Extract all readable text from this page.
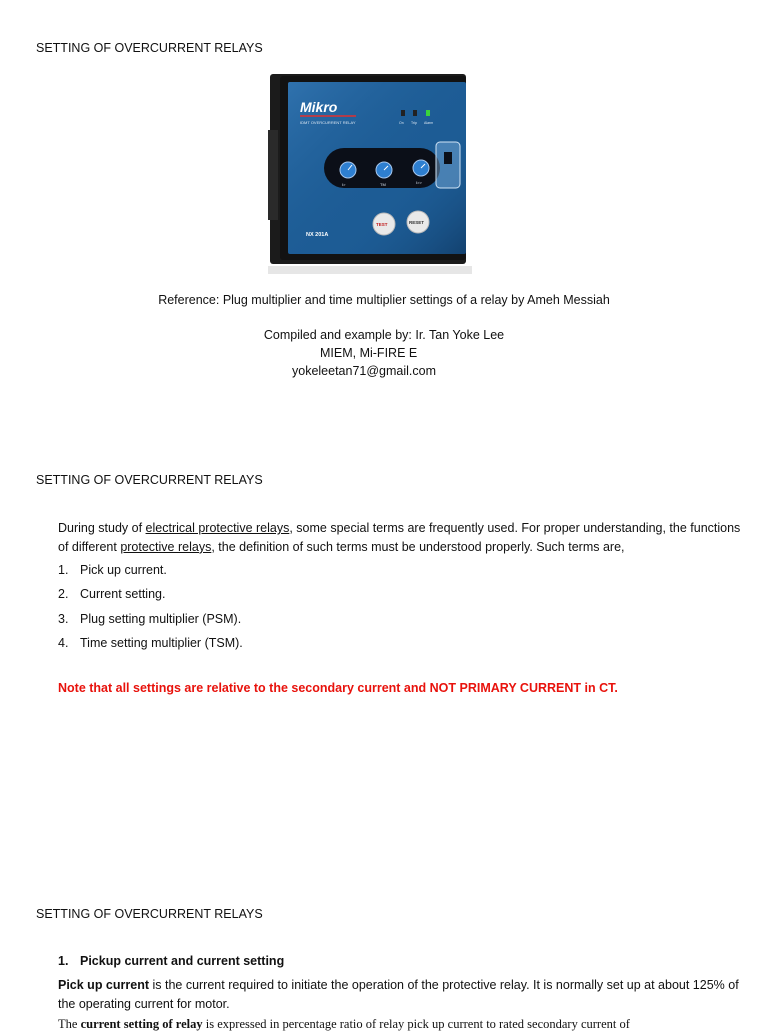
SETTING OF OVERCURRENT RELAYS
Mikro
IDMT OVERCURRENT RELAY	On Trip Alarm
I>	TM	I>>
TEST	RESET
NX 201A
Reference: Plug multiplier and time multiplier settings of a relay by Ameh Messiah
Compiled and example by: Ir. Tan Yoke Lee
MIEM, Mi-FIRE E
yokeleetan71@gmail.com
SETTING OF OVERCURRENT RELAYS
During study of electrical protective relays, some special terms are frequently used. For proper understanding, the functions of different protective relays, the definition of such terms must be understood properly. Such terms are,
1. Pick up current.
2. Current setting.
3. Plug setting multiplier (PSM).
4. Time setting multiplier (TSM).
Note that all settings are relative to the secondary current and NOT PRIMARY CURRENT in CT.
SETTING OF OVERCURRENT RELAYS
1. Pickup current and current setting
Pick up current is the current required to initiate the operation of the protective relay. It is normally set up at about 125% of the operating current for motor.
The current setting of relay is expressed in percentage ratio of relay pick up current to rated secondary current of
